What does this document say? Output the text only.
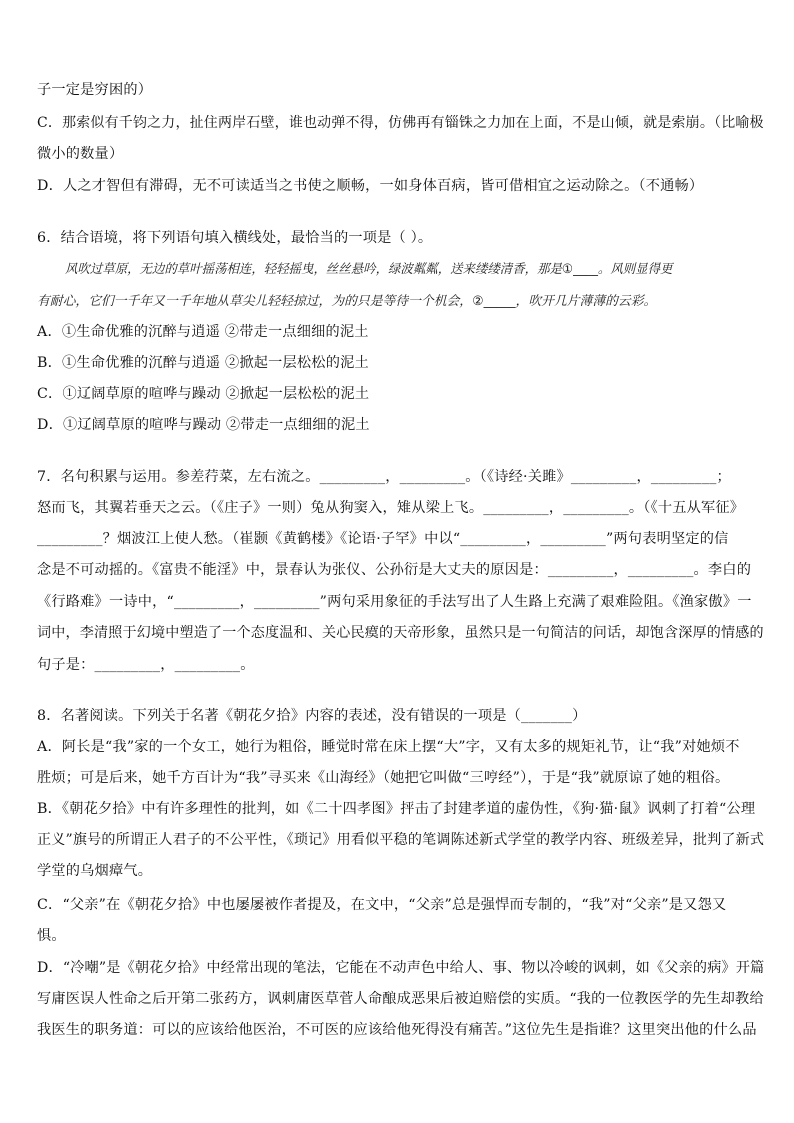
子一定是穷困的）
C．那索似有千钧之力，扯住两岸石壁，谁也动弹不得，仿佛再有锱铢之力加在上面，不是山倾，就是索崩。（比喻极
微小的数量）
D．人之才智但有滞碍，无不可读适当之书使之顺畅，一如身体百病，皆可借相宜之运动除之。（不通畅）
6．结合语境，将下列语句填入横线处，最恰当的一项是（ ）。
风吹过草原，无边的草叶摇荡相连，轻轻摇曳，丝丝悬吟，绿波粼粼，送来缕缕清香，那是①____。风则显得更
有耐心，它们一千年又一千年地从草尖儿轻轻掠过，为的只是等待一个机会，②_____，吹开几片薄薄的云彩。
A．①生命优雅的沉醉与逍遥 ②带走一点细细的泥土
B．①生命优雅的沉醉与逍遥 ②掀起一层松松的泥土
C．①辽阔草原的喧哗与躁动 ②掀起一层松松的泥土
D．①辽阔草原的喧哗与躁动 ②带走一点细细的泥土
7．名句积累与运用。参差荇菜，左右流之。_________，_________。（《诗经·关雎》_________，_________；
怒而飞，其翼若垂天之云。（《庄子》一则）兔从狗窦入，雉从梁上飞。_________，_________。（《十五从军征》
_________？烟波江上使人愁。（崔颢《黄鹤楼》《论语·子罕》中以“_________，_________”两句表明坚定的信
念是不可动摇的。《富贵不能淫》中，景春认为张仪、公孙衍是大丈夫的原因是：_________，_________。李白的
《行路难》一诗中，“_________，_________”两句采用象征的手法写出了人生路上充满了艰难险阻。《渔家傲》一
词中，李清照于幻境中塑造了一个态度温和、关心民瘼的天帝形象，虽然只是一句简洁的问话，却饱含深厚的情感的
句子是：_________，_________。
8．名著阅读。下列关于名著《朝花夕拾》内容的表述，没有错误的一项是（_______）
A．阿长是“我”家的一个女工，她行为粗俗，睡觉时常在床上摆“大”字，又有太多的规矩礼节，让“我”对她烦不
胜烦；可是后来，她千方百计为“我”寻买来《山海经》（她把它叫做“三哼经”），于是“我”就原谅了她的粗俗。
B．《朝花夕拾》中有许多理性的批判，如《二十四孝图》抨击了封建孝道的虚伪性，《狗·猫·鼠》讽刺了打着“公理
正义”旗号的所谓正人君子的不公平性，《琐记》用看似平稳的笔调陈述新式学堂的教学内容、班级差异，批判了新式
学堂的乌烟瘴气。
C．“父亲”在《朝花夕拾》中也屡屡被作者提及，在文中，“父亲”总是强悍而专制的，“我”对“父亲”是又怨又
惧。
D．“冷嘲”是《朝花夕拾》中经常出现的笔法，它能在不动声色中给人、事、物以冷峻的讽刺，如《父亲的病》开篇
写庸医误人性命之后开第二张药方，讽刺庸医草菅人命酿成恶果后被迫赔偿的实质。“我的一位教医学的先生却教给
我医生的职务道：可以的应该给他医治，不可医的应该给他死得没有痛苦。”这位先生是指谁？这里突出他的什么品
